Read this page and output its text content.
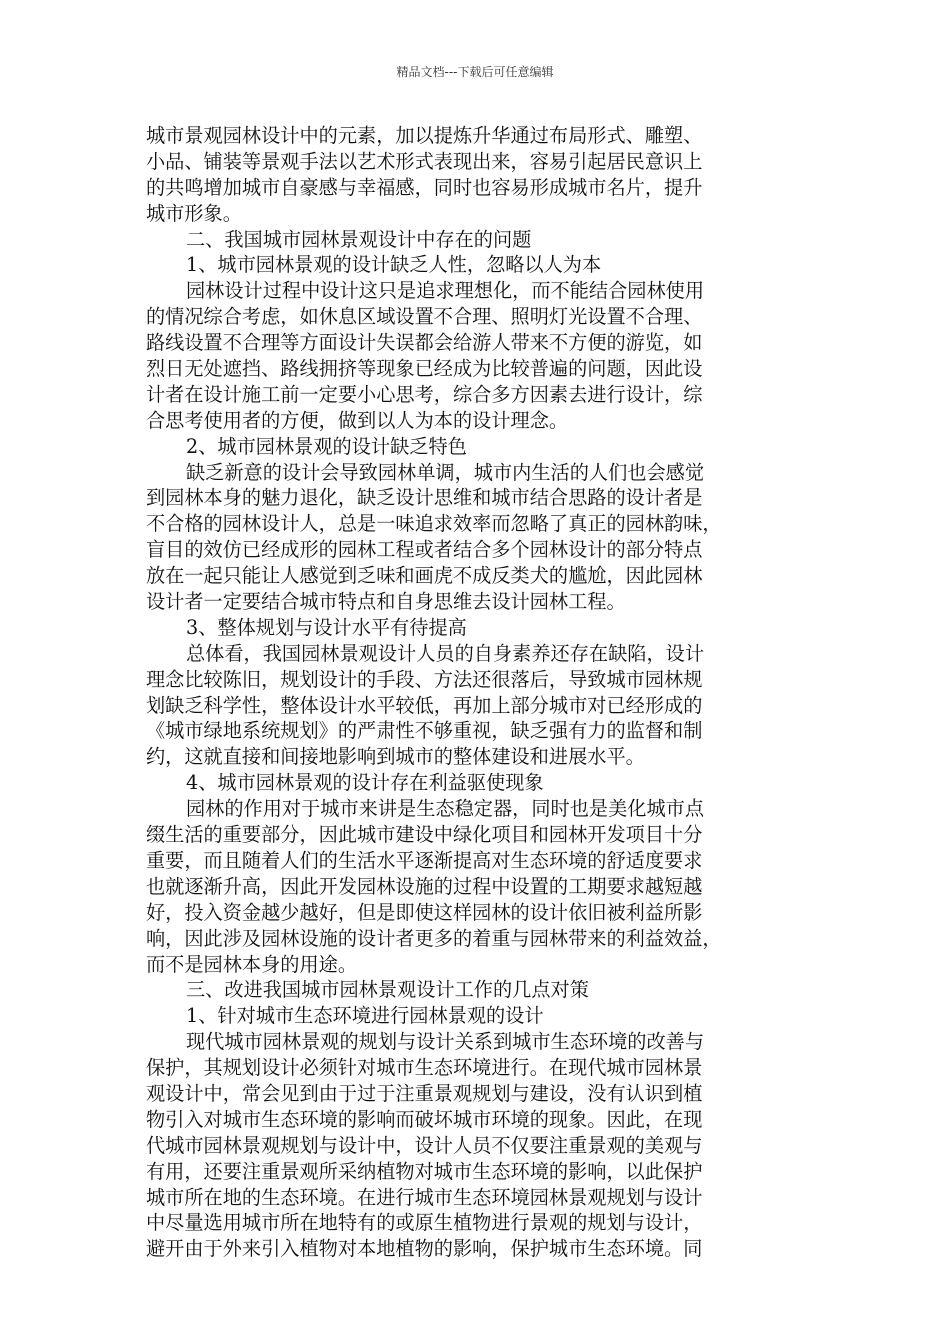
精品文档---下载后可任意编辑
城市景观园林设计中的元素，加以提炼升华通过布局形式、雕塑、
小品、铺装等景观手法以艺术形式表现出来，容易引起居民意识上
的共鸣增加城市自豪感与幸福感，同时也容易形成城市名片，提升
城市形象。
二、我国城市园林景观设计中存在的问题
1、城市园林景观的设计缺乏人性，忽略以人为本
园林设计过程中设计这只是追求理想化，而不能结合园林使用
的情况综合考虑，如休息区域设置不合理、照明灯光设置不合理、
路线设置不合理等方面设计失误都会给游人带来不方便的游览，如
烈日无处遮挡、路线拥挤等现象已经成为比较普遍的问题，因此设
计者在设计施工前一定要小心思考，综合多方因素去进行设计，综
合思考使用者的方便，做到以人为本的设计理念。
2、城市园林景观的设计缺乏特色
缺乏新意的设计会导致园林单调，城市内生活的人们也会感觉
到园林本身的魅力退化，缺乏设计思维和城市结合思路的设计者是
不合格的园林设计人，总是一味追求效率而忽略了真正的园林韵味，
盲目的效仿已经成形的园林工程或者结合多个园林设计的部分特点
放在一起只能让人感觉到乏味和画虎不成反类犬的尴尬，因此园林
设计者一定要结合城市特点和自身思维去设计园林工程。
3、整体规划与设计水平有待提高
总体看，我国园林景观设计人员的自身素养还存在缺陷，设计
理念比较陈旧，规划设计的手段、方法还很落后，导致城市园林规
划缺乏科学性，整体设计水平较低，再加上部分城市对已经形成的
《城市绿地系统规划》的严肃性不够重视，缺乏强有力的监督和制
约，这就直接和间接地影响到城市的整体建设和进展水平。
4、城市园林景观的设计存在利益驱使现象
园林的作用对于城市来讲是生态稳定器，同时也是美化城市点
缀生活的重要部分，因此城市建设中绿化项目和园林开发项目十分
重要，而且随着人们的生活水平逐渐提高对生态环境的舒适度要求
也就逐渐升高，因此开发园林设施的过程中设置的工期要求越短越
好，投入资金越少越好，但是即使这样园林的设计依旧被利益所影
响，因此涉及园林设施的设计者更多的着重与园林带来的利益效益，
而不是园林本身的用途。
三、改进我国城市园林景观设计工作的几点对策
1、针对城市生态环境进行园林景观的设计
现代城市园林景观的规划与设计关系到城市生态环境的改善与
保护，其规划设计必须针对城市生态环境进行。在现代城市园林景
观设计中，常会见到由于过于注重景观规划与建设，没有认识到植
物引入对城市生态环境的影响而破坏城市环境的现象。因此，在现
代城市园林景观规划与设计中，设计人员不仅要注重景观的美观与
有用，还要注重景观所采纳植物对城市生态环境的影响，以此保护
城市所在地的生态环境。在进行城市生态环境园林景观规划与设计
中尽量选用城市所在地特有的或原生植物进行景观的规划与设计，
避开由于外来引入植物对本地植物的影响，保护城市生态环境。同
